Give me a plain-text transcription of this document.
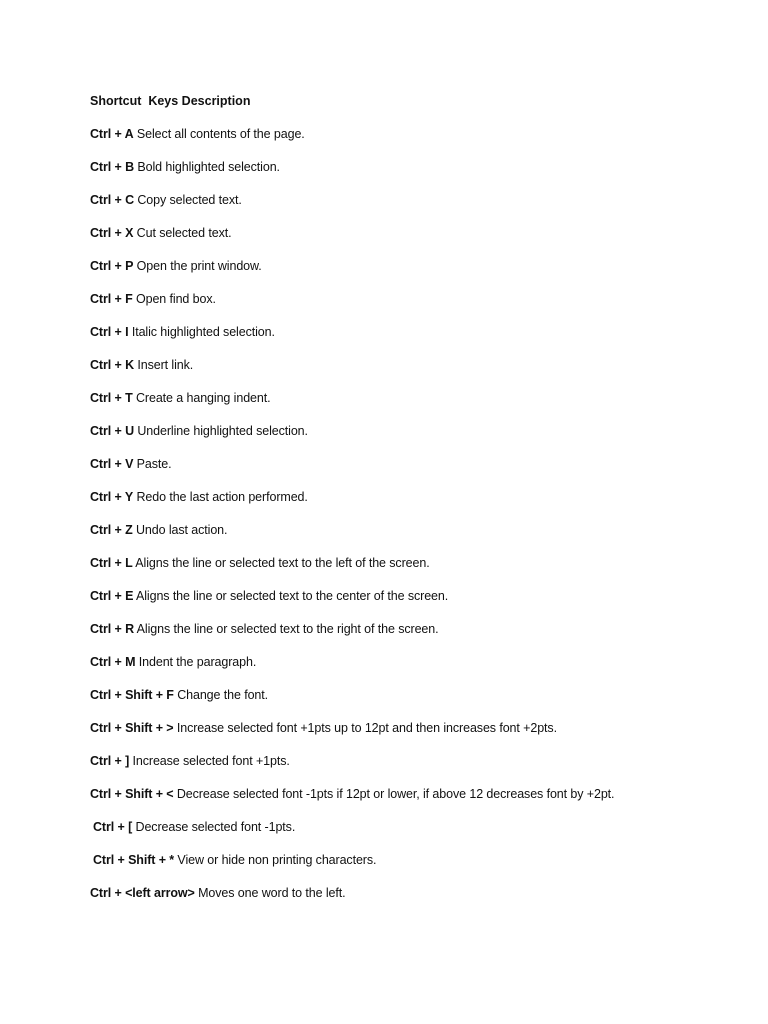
Shortcut  Keys Description
Ctrl + A Select all contents of the page.
Ctrl + B Bold highlighted selection.
Ctrl + C Copy selected text.
Ctrl + X Cut selected text.
Ctrl + P Open the print window.
Ctrl + F Open find box.
Ctrl + I Italic highlighted selection.
Ctrl + K Insert link.
Ctrl + T Create a hanging indent.
Ctrl + U Underline highlighted selection.
Ctrl + V Paste.
Ctrl + Y Redo the last action performed.
Ctrl + Z Undo last action.
Ctrl + L Aligns the line or selected text to the left of the screen.
Ctrl + E Aligns the line or selected text to the center of the screen.
Ctrl + R Aligns the line or selected text to the right of the screen.
Ctrl + M Indent the paragraph.
Ctrl + Shift + F Change the font.
Ctrl + Shift + > Increase selected font +1pts up to 12pt and then increases font +2pts.
Ctrl + ] Increase selected font +1pts.
Ctrl + Shift + < Decrease selected font -1pts if 12pt or lower, if above 12 decreases font by +2pt.
Ctrl + [ Decrease selected font -1pts.
Ctrl + Shift + * View or hide non printing characters.
Ctrl + <left arrow> Moves one word to the left.
